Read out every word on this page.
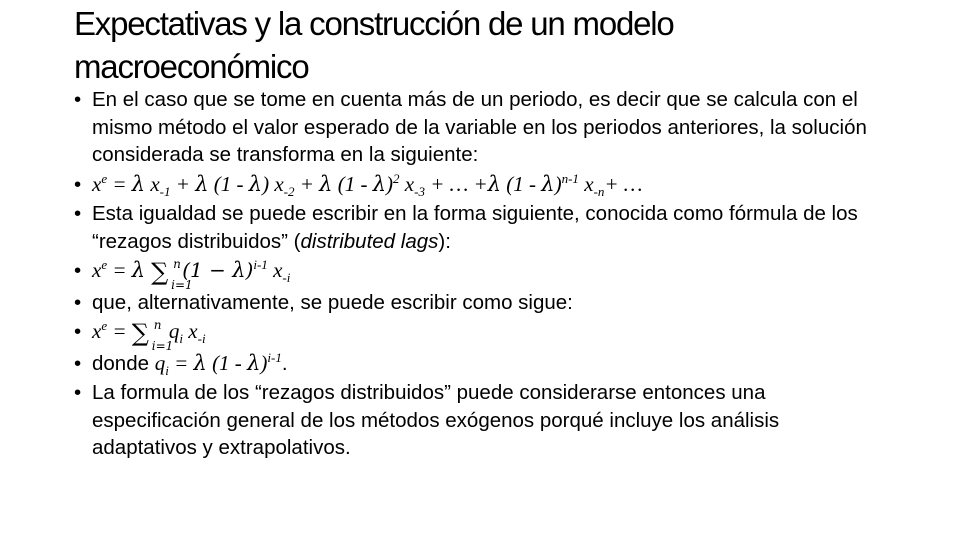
Expectativas y la construcción de un modelo
macroeconómico
• En el caso que se tome en cuenta más de un periodo, es decir que se calcula con el mismo método el valor esperado de la variable en los periodos anteriores, la solución considerada se transforma en la siguiente:
• $x^e = \lambda$ $x_{-1} + \lambda$ (1 - λ) $x_{-2} + \lambda$ (1 - λ)$^2$ $x_{-3}$ + … +λ (1 - λ)$^{n-1}$ $x_{-n}+$ …
• Esta igualdad se puede escribir en la forma siguiente, conocida como fórmula de los “rezagos distribuidos” (distributed lags):
• $x^e = \lambda$ ∑ n
i=1
$(1 - \lambda)^{i-1}$ $x_{-i}$
• que, alternativamente, se puede escribir como sigue:
• $x^e$ = ∑ n
i=1
$q_i$ $x_{-i}$
• donde $q_i = \lambda$ (1 - λ)$^{i-1}$.
• La formula de los “rezagos distribuidos” puede considerarse entonces una especificación general de los métodos exógenos porqué incluye los análisis adaptativos y extrapolativos.
